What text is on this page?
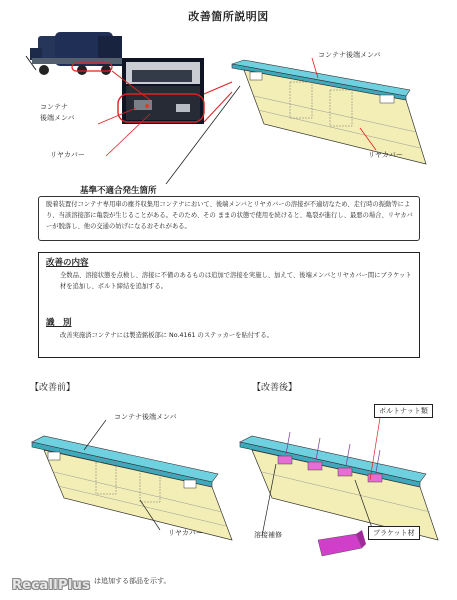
改善箇所説明図
コンテナ後端メンバ
コンテナ
後端メンバ
リヤカバー	リヤカバー
基準不適合発生箇所
脱着装置付コンテナ専用車の塵芥収集用コンテナにおいて、後端メンバとリヤカバーの溶接が不適切なため、走行時の振動等により、当該溶接部に亀裂が生じることがある。そのため、その ままの状態で使用を続けると、亀裂が進行し、最悪の場合、リヤカバーが脱落し、他の交通の妨げになるおそれがある。
改善の内容
全数品、溶接状態を点検し、溶接に不備のあるものは追加で溶接を実施し、加えて、後端メンバとリヤカバー間にブラケット材を追加し、ボルト締結を追加する。
識　別
改善実施済コンテナには製造銘板部に No.4161 のステッカーを貼付する。
【改善前】	【改善後】
コンテナ後端メンバ
リヤカバー
ボルトナット類
溶接補修	ブラケット材
は追加する部品を示す。
RecallPlus
